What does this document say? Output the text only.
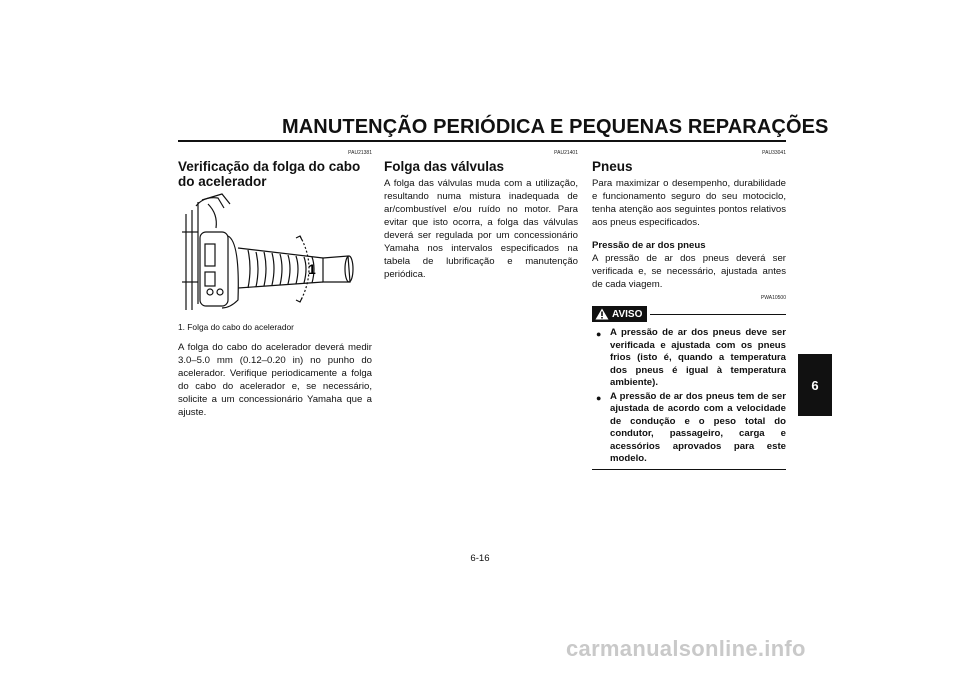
MANUTENÇÃO PERIÓDICA E PEQUENAS REPARAÇÕES
PAU21381
Verificação da folga do cabo do acelerador
1
1. Folga do cabo do acelerador

A folga do cabo do acelerador deverá medir 3.0–5.0 mm (0.12–0.20 in) no punho do acelerador. Verifique periodicamente a folga do cabo do acelerador e, se necessário, solicite a um concessionário Yamaha que a ajuste.

PAU21401
Folga das válvulas

A folga das válvulas muda com a utilização, resultando numa mistura inadequada de ar/combustível e/ou ruído no motor. Para evitar que isto ocorra, a folga das válvulas deverá ser regulada por um concessionário Yamaha nos intervalos especificados na tabela de lubrificação e manutenção periódica.

PAU33041
Pneus

Para maximizar o desempenho, durabilidade e funcionamento seguro do seu motociclo, tenha atenção aos seguintes pontos relativos aos pneus especificados.

Pressão de ar dos pneus

A pressão de ar dos pneus deverá ser verificada e, se necessário, ajustada antes de cada viagem.

PWA10500
AVISO
● A pressão de ar dos pneus deve ser verificada e ajustada com os pneus frios (isto é, quando a temperatura dos pneus é igual à temperatura ambiente).
● A pressão de ar dos pneus tem de ser ajustada de acordo com a velocidade de condução e o peso total do condutor, passageiro, carga e acessórios aprovados para este modelo.
6
6-16
carmanualsonline.info
